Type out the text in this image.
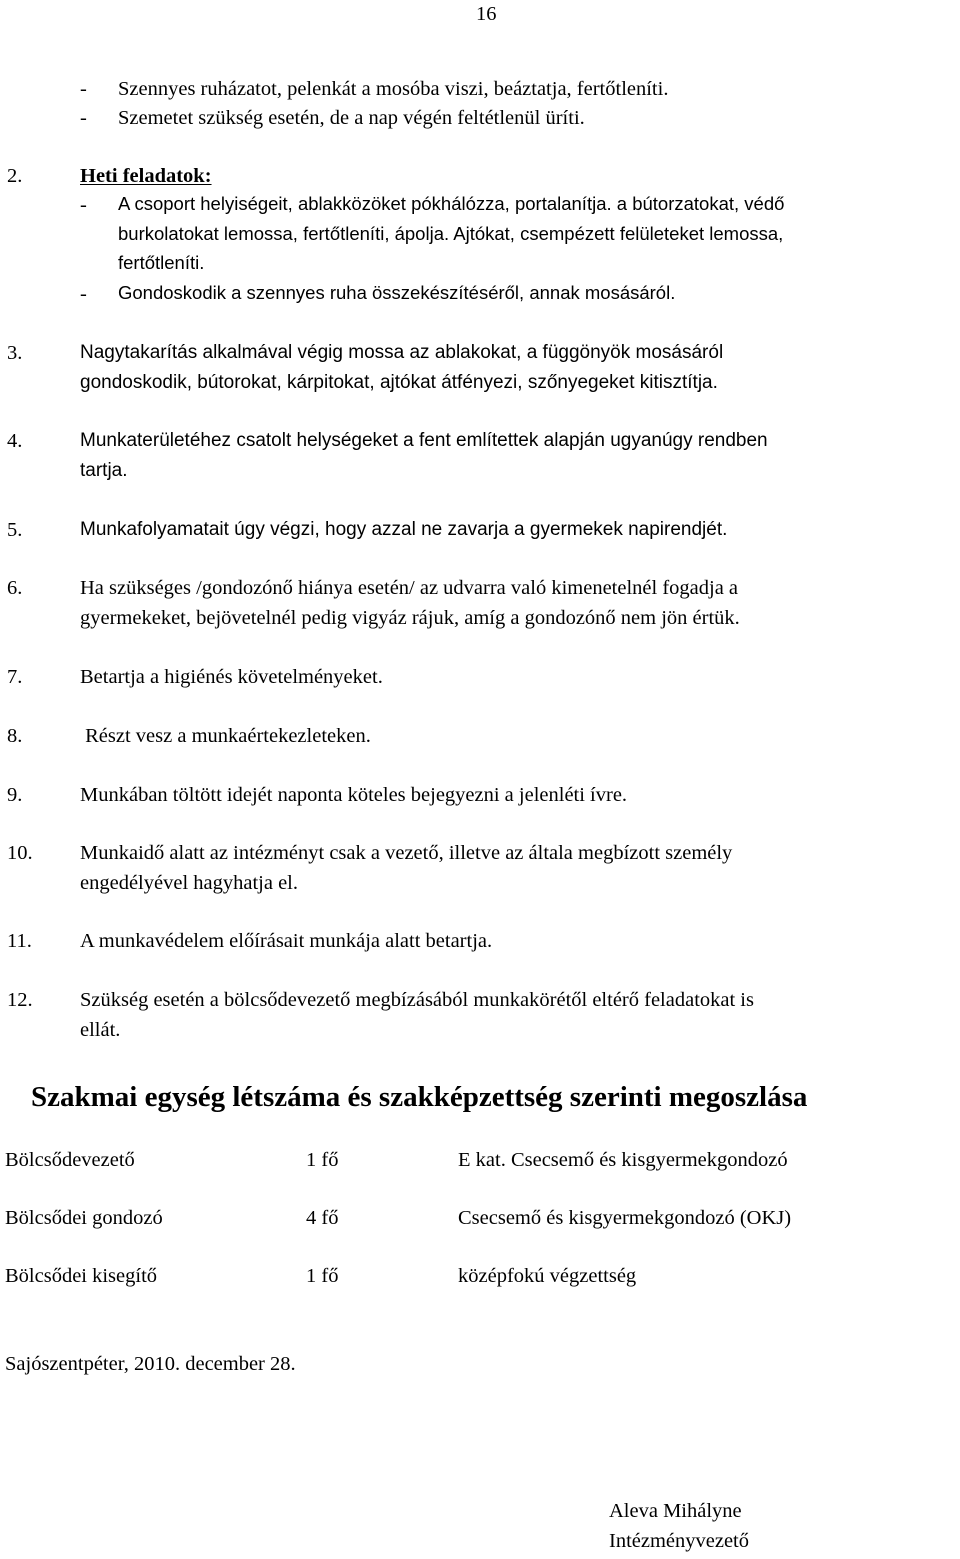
16
- Szennyes ruházatot, pelenkát a mosóba viszi, beáztatja, fertőtleníti.
- Szemetet szükség esetén, de a nap végén feltétlenül üríti.
2.	Heti feladatok:
- A csoport helyiségeit, ablakközöket pókhálózza, portalanítja. a bútorzatokat, védő
burkolatokat lemossa, fertőtleníti, ápolja. Ajtókat, csempézett felületeket lemossa,
fertőtleníti.
- Gondoskodik a szennyes ruha összekészítéséről, annak mosásáról.
3.	Nagytakarítás alkalmával végig mossa az ablakokat, a függönyök mosásáról
gondoskodik, bútorokat, kárpitokat, ajtókat átfényezi, szőnyegeket kitisztítja.
4.	Munkaterületéhez csatolt helységeket a fent említettek alapján ugyanúgy rendben
tartja.
5.	Munkafolyamatait úgy végzi, hogy azzal ne zavarja a gyermekek napirendjét.
6.	Ha szükséges /gondozónő hiánya esetén/ az udvarra való kimenetelnél fogadja a
gyermekeket, bejövetelnél pedig vigyáz rájuk, amíg a gondozónő nem jön értük.
7.	Betartja a higiénés követelményeket.
8.	Részt vesz a munkaértekezleteken.
9.	Munkában töltött idejét naponta köteles bejegyezni a jelenléti ívre.
10. Munkaidő alatt az intézményt csak a vezető, illetve az általa megbízott személy
engedélyével hagyhatja el.
11. A munkavédelem előírásait munkája alatt betartja.
12. Szükség esetén a bölcsődevezető megbízásából munkakörétől eltérő feladatokat is
ellát.
Szakmai egység létszáma és szakképzettség szerinti megoszlása
Bölcsődevezető	1 fő	E kat. Csecsemő és kisgyermekgondozó
Bölcsődei gondozó	4 fő	Csecsemő és kisgyermekgondozó (OKJ)
Bölcsődei kisegítő	1 fő	középfokú végzettség
Sajószentpéter, 2010. december 28.
Aleva Mihályne
Intézményvezető
